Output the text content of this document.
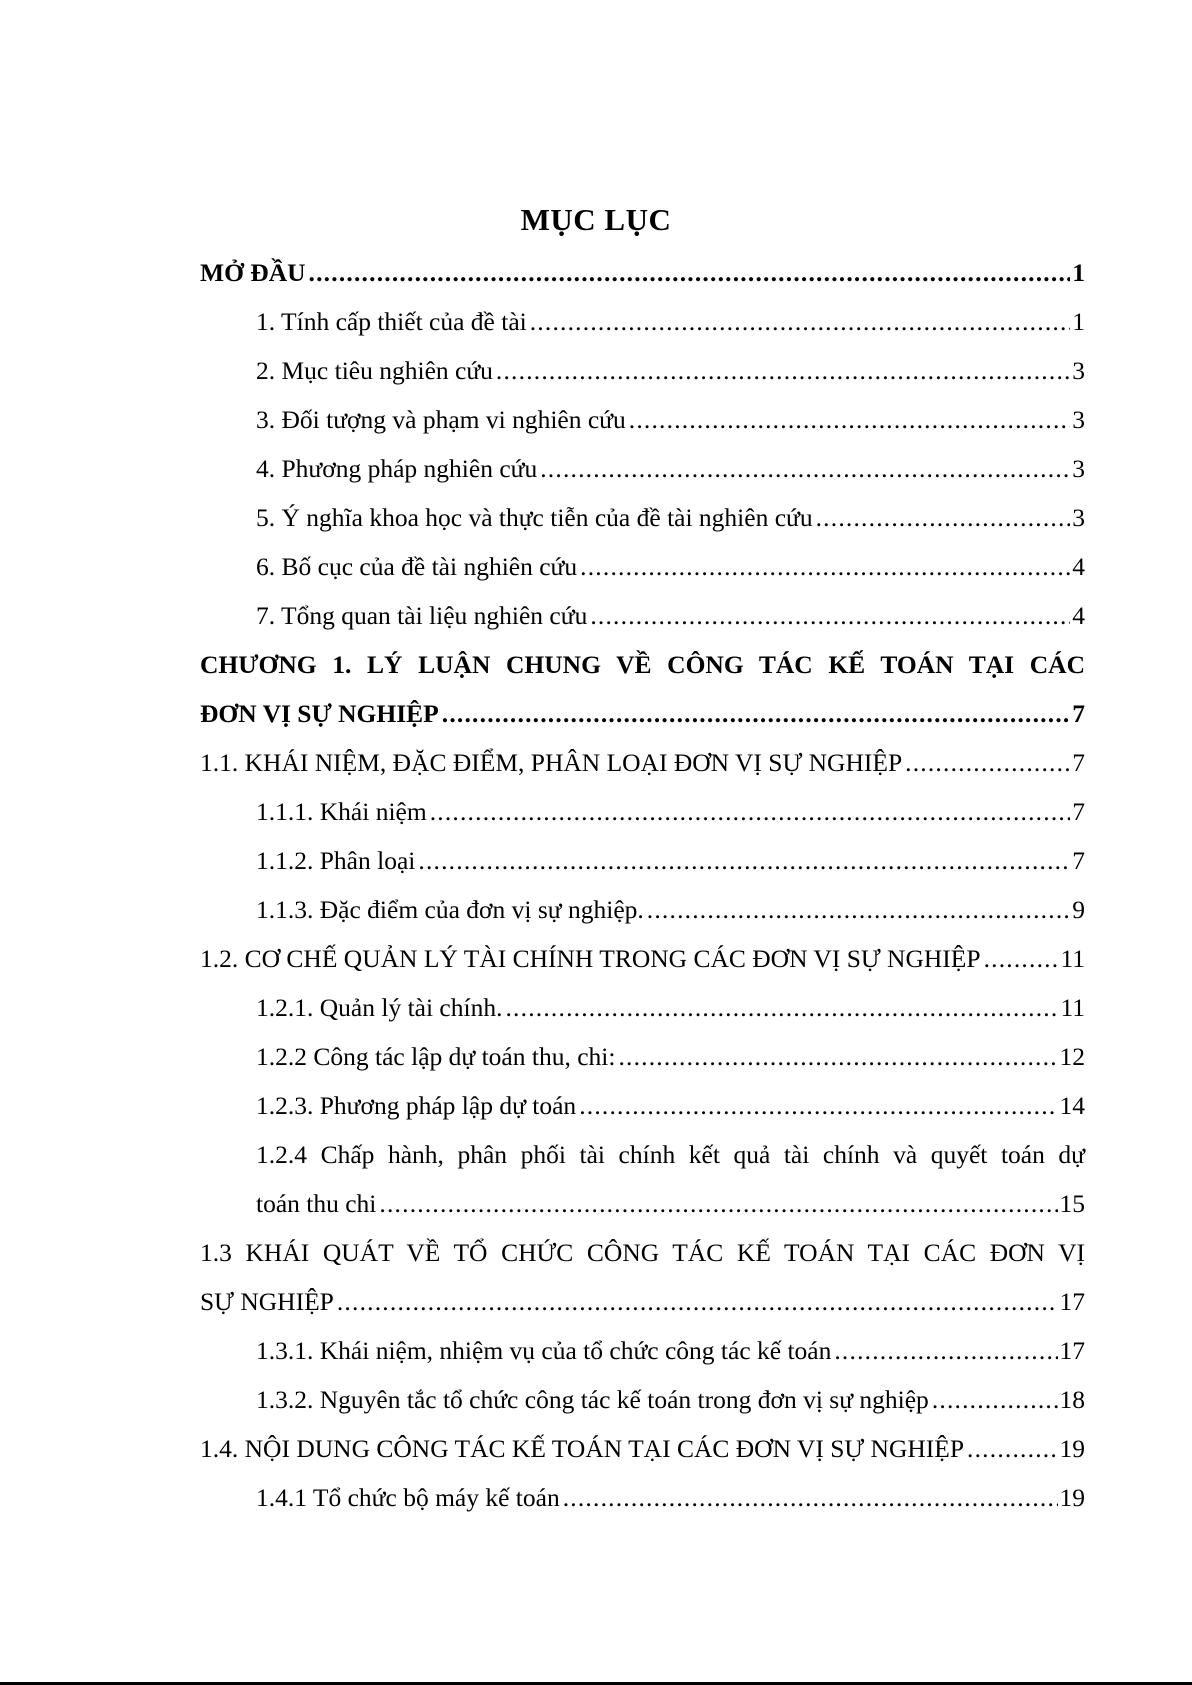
MỤC LỤC
MỞ ĐẦU .....	1
1. Tính cấp thiết của đề tài .....	1
2. Mục tiêu nghiên cứu .....	3
3. Đối tượng và phạm vi nghiên cứu .....	3
4. Phương pháp nghiên cứu .....	3
5. Ý nghĩa khoa học và thực tiễn của đề tài nghiên cứu .....	3
6. Bố cục của đề tài nghiên cứu .....	4
7. Tổng quan tài liệu nghiên cứu .....	4
CHƯƠNG 1. LÝ LUẬN CHUNG VỀ CÔNG TÁC KẾ TOÁN TẠI CÁC
ĐƠN VỊ SỰ NGHIỆP .....	7
1.1. KHÁI NIỆM, ĐẶC ĐIỂM, PHÂN LOẠI ĐƠN VỊ SỰ NGHIỆP .....	7
1.1.1. Khái niệm .....	7
1.1.2. Phân loại .....	7
1.1.3. Đặc điểm của đơn vị sự nghiệp. .....	9
1.2. CƠ CHẾ QUẢN LÝ TÀI CHÍNH TRONG CÁC ĐƠN VỊ SỰ NGHIỆP .....	11
1.2.1. Quản lý tài chính. .....	11
1.2.2 Công tác lập dự toán thu, chi: .....	12
1.2.3. Phương pháp lập dự toán .....	14
1.2.4 Chấp hành, phân phối tài chính kết quả tài chính và quyết toán dự
toán thu chi .....	15
1.3 KHÁI QUÁT VỀ TỔ CHỨC CÔNG TÁC KẾ TOÁN TẠI CÁC ĐƠN VỊ
SỰ NGHIỆP .....	17
1.3.1. Khái niệm, nhiệm vụ của tổ chức công tác kế toán .....	17
1.3.2. Nguyên tắc tổ chức công tác kế toán trong đơn vị sự nghiệp .....	18
1.4. NỘI DUNG CÔNG TÁC KẾ TOÁN TẠI CÁC ĐƠN VỊ SỰ NGHIỆP .....	19
1.4.1 Tổ chức bộ máy kế toán .....	19
